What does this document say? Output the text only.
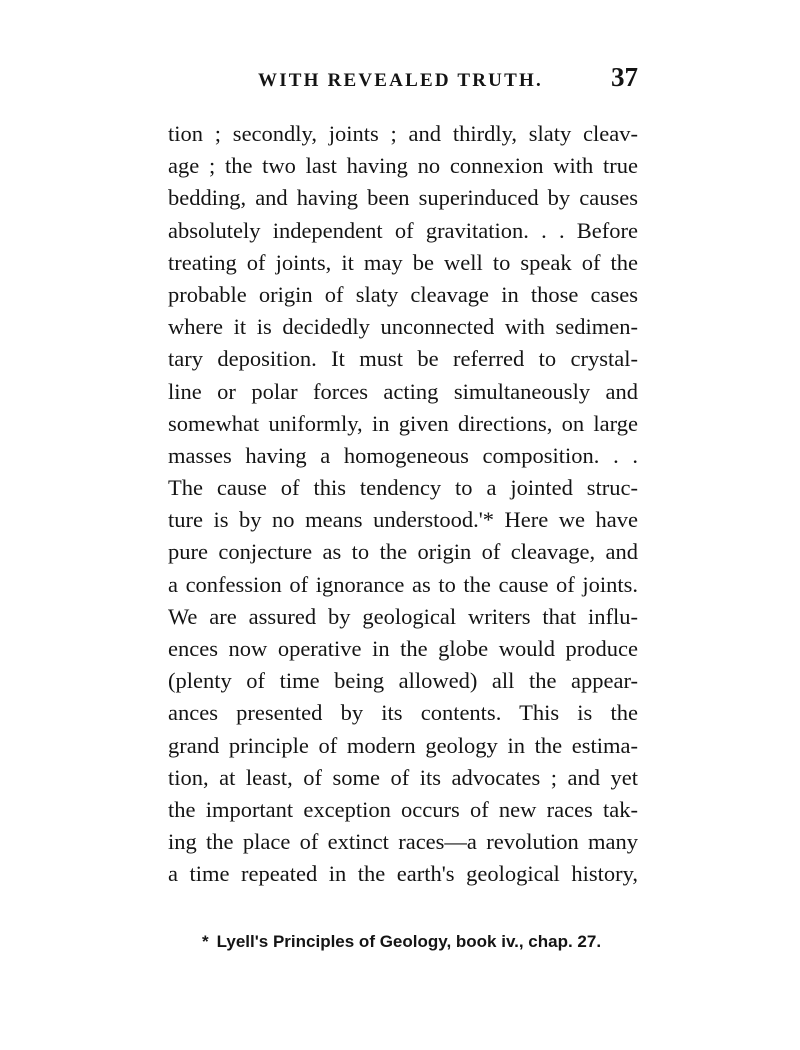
WITH REVEALED TRUTH.	37
tion ; secondly, joints ; and thirdly, slaty cleav-
age ; the two last having no connexion with true
bedding, and having been superinduced by causes
absolutely independent of gravitation. . . Before
treating of joints, it may be well to speak of the
probable origin of slaty cleavage in those cases
where it is decidedly unconnected with sedimen-
tary deposition. It must be referred to crystal-
line or polar forces acting simultaneously and
somewhat uniformly, in given directions, on large
masses having a homogeneous composition. . .
The cause of this tendency to a jointed struc-
ture is by no means understood.'* Here we have
pure conjecture as to the origin of cleavage, and
a confession of ignorance as to the cause of joints.
We are assured by geological writers that influ-
ences now operative in the globe would produce
(plenty of time being allowed) all the appear-
ances presented by its contents. This is the
grand principle of modern geology in the estima-
tion, at least, of some of its advocates ; and yet
the important exception occurs of new races tak-
ing the place of extinct races—a revolution many
a time repeated in the earth's geological history,
* Lyell's Principles of Geology, book iv., chap. 27.
